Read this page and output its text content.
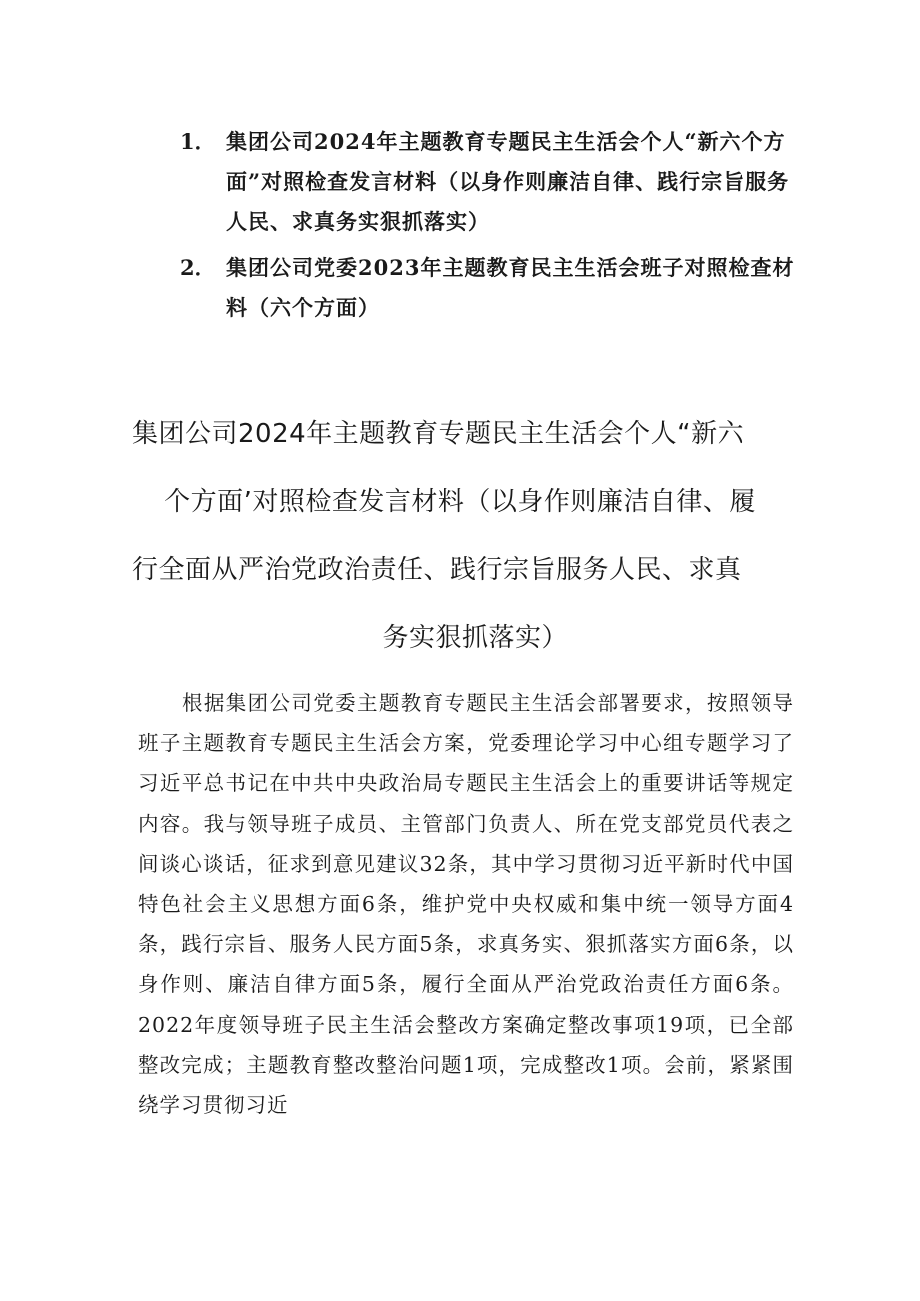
1． 集团公司2024年主题教育专题民主生活会个人“新六个方面”对照检查发言材料（以身作则廉洁自律、践行宗旨服务人民、求真务实狠抓落实）
2． 集团公司党委2023年主题教育民主生活会班子对照检查材料（六个方面）
集团公司2024年主题教育专题民主生活会个人“新六
个方面’对照检查发言材料（以身作则廉洁自律、履
行全面从严治党政治责任、践行宗旨服务人民、求真
务实狠抓落实）
根据集团公司党委主题教育专题民主生活会部署要求，按照领导班子主题教育专题民主生活会方案，党委理论学习中心组专题学习了习近平总书记在中共中央政治局专题民主生活会上的重要讲话等规定内容。我与领导班子成员、主管部门负责人、所在党支部党员代表之间谈心谈话，征求到意见建议32条，其中学习贯彻习近平新时代中国特色社会主义思想方面6条，维护党中央权威和集中统一领导方面4条，践行宗旨、服务人民方面5条，求真务实、狠抓落实方面6条，以身作则、廉洁自律方面5条，履行全面从严治党政治责任方面6条。2022年度领导班子民主生活会整改方案确定整改事项19项，已全部整改完成；主题教育整改整治问题1项，完成整改1项。会前，紧紧围绕学习贯彻习近
